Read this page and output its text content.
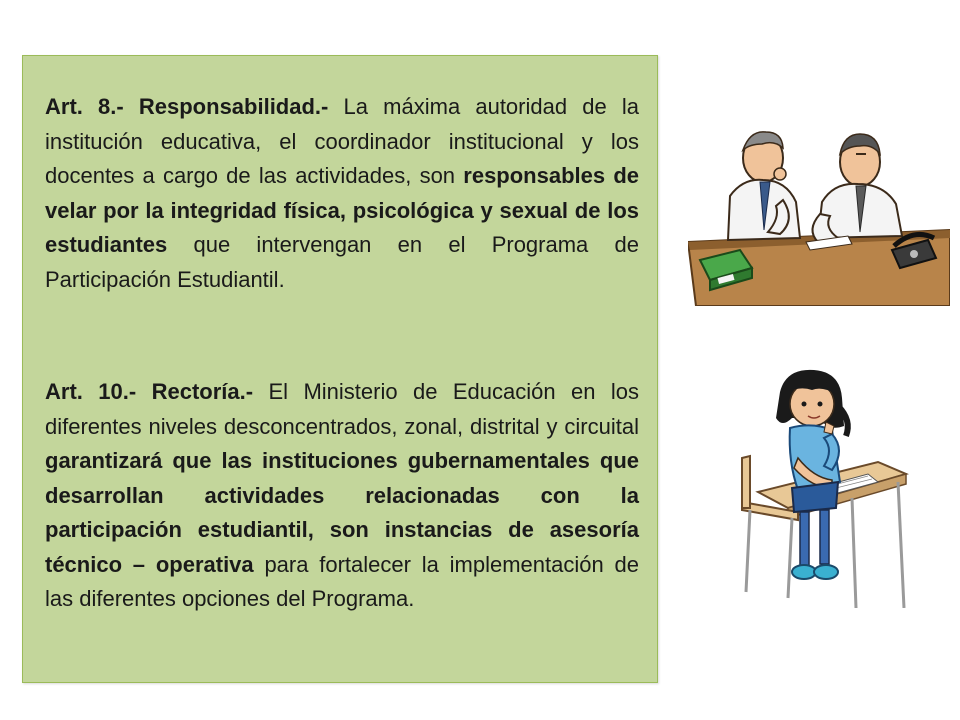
Art. 8.- Responsabilidad.- La máxima autoridad de la institución educativa, el coordinador institucional y los docentes a cargo de las actividades, son responsables de velar por la integridad física, psicológica y sexual de los estudiantes que intervengan en el Programa de Participación Estudiantil.

Art. 10.- Rectoría.- El Ministerio de Educación en los diferentes niveles desconcentrados, zonal, distrital y circuital garantizará que las instituciones gubernamentales que desarrollan actividades relacionadas con la participación estudiantil, son instancias de asesoría técnico – operativa para fortalecer la implementación de las diferentes opciones del Programa.
